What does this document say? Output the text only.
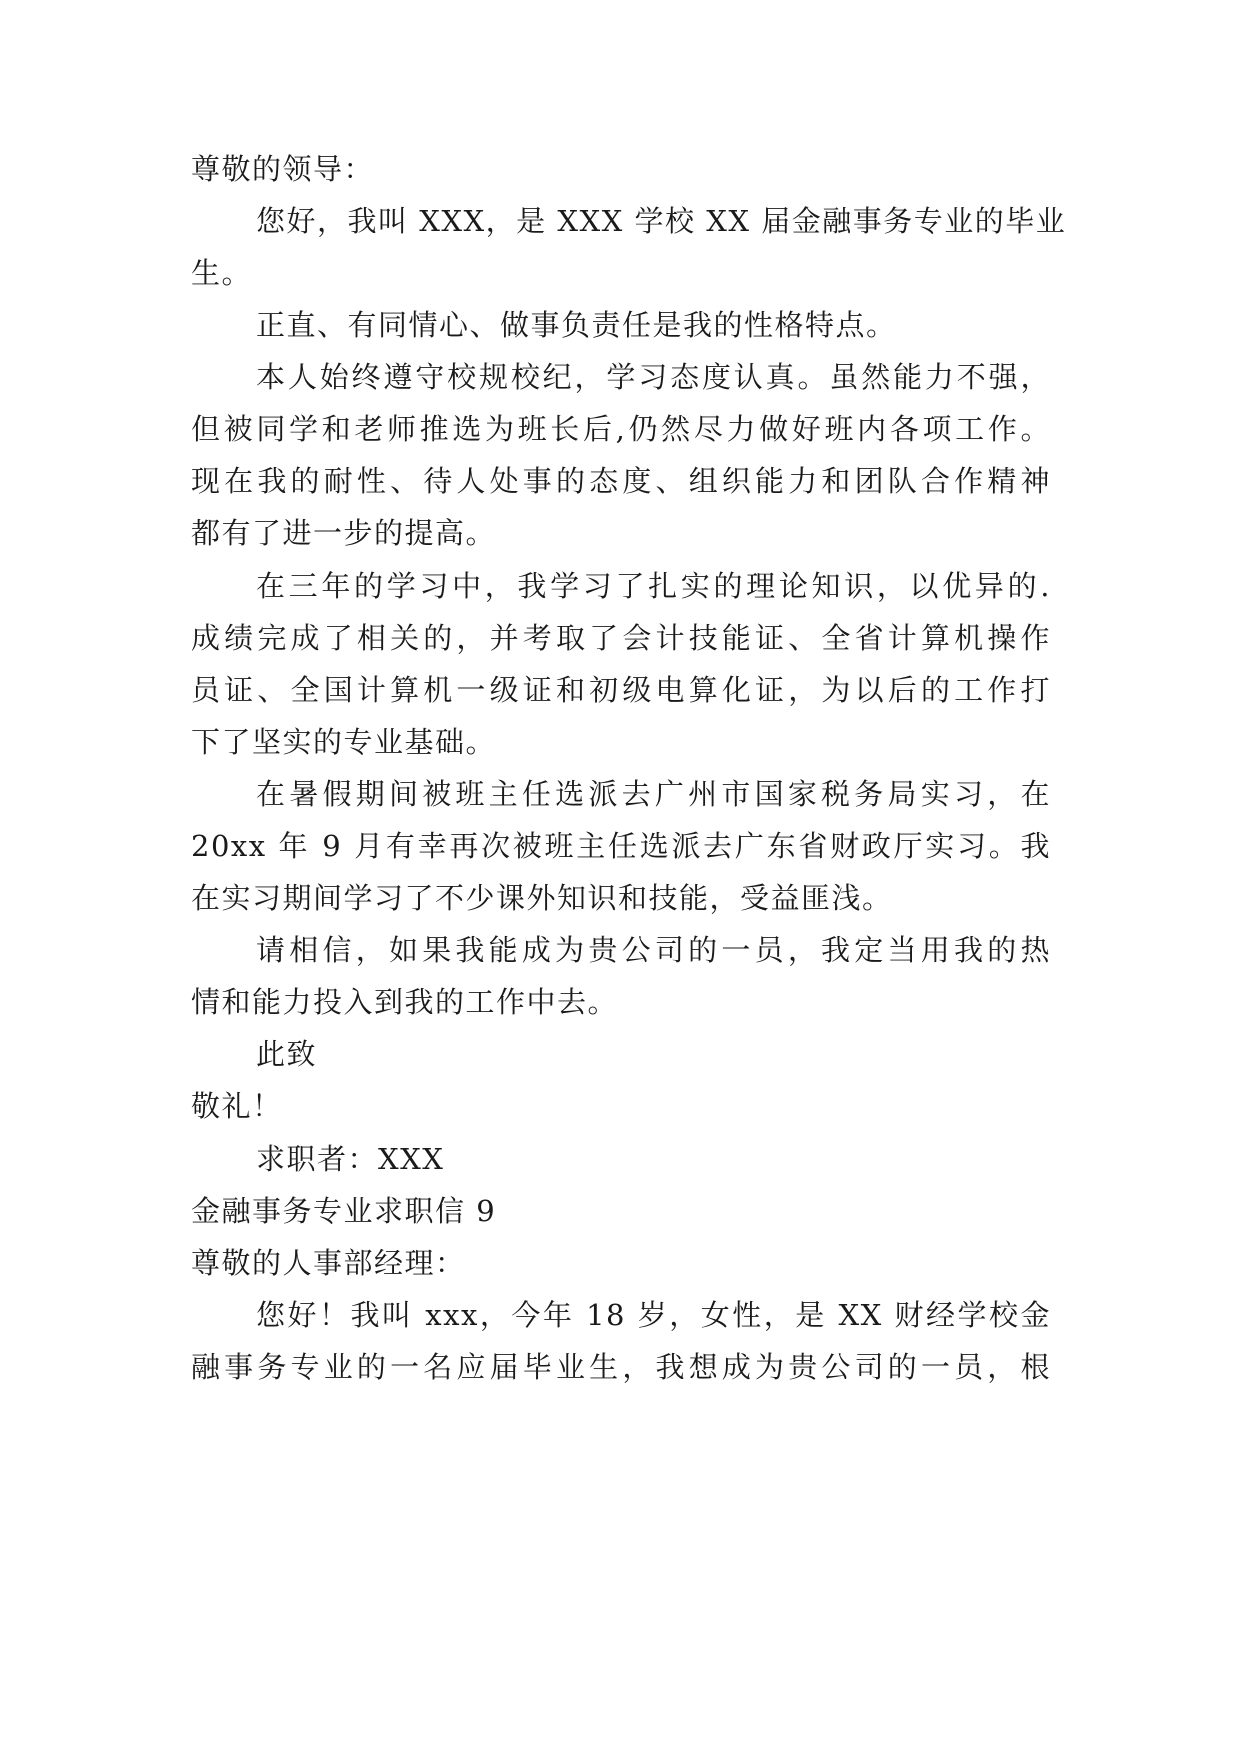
尊敬的领导：
您好，我叫 XXX，是 XXX 学校 XX 届金融事务专业的毕业
生。
正直、有同情心、做事负责任是我的性格特点。
本人始终遵守校规校纪，学习态度认真。虽然能力不强，
但被同学和老师推选为班长后,仍然尽力做好班内各项工作。
现在我的耐性、待人处事的态度、组织能力和团队合作精神
都有了进一步的提高。
在三年的学习中，我学习了扎实的理论知识，以优异的.
成绩完成了相关的，并考取了会计技能证、全省计算机操作
员证、全国计算机一级证和初级电算化证，为以后的工作打
下了坚实的专业基础。
在暑假期间被班主任选派去广州市国家税务局实习，在
20xx 年 9 月有幸再次被班主任选派去广东省财政厅实习。我
在实习期间学习了不少课外知识和技能，受益匪浅。
请相信，如果我能成为贵公司的一员，我定当用我的热
情和能力投入到我的工作中去。
此致
敬礼！
求职者：XXX
金融事务专业求职信 9
尊敬的人事部经理：
您好！我叫 xxx，今年 18 岁，女性，是 XX 财经学校金
融事务专业的一名应届毕业生，我想成为贵公司的一员，根
